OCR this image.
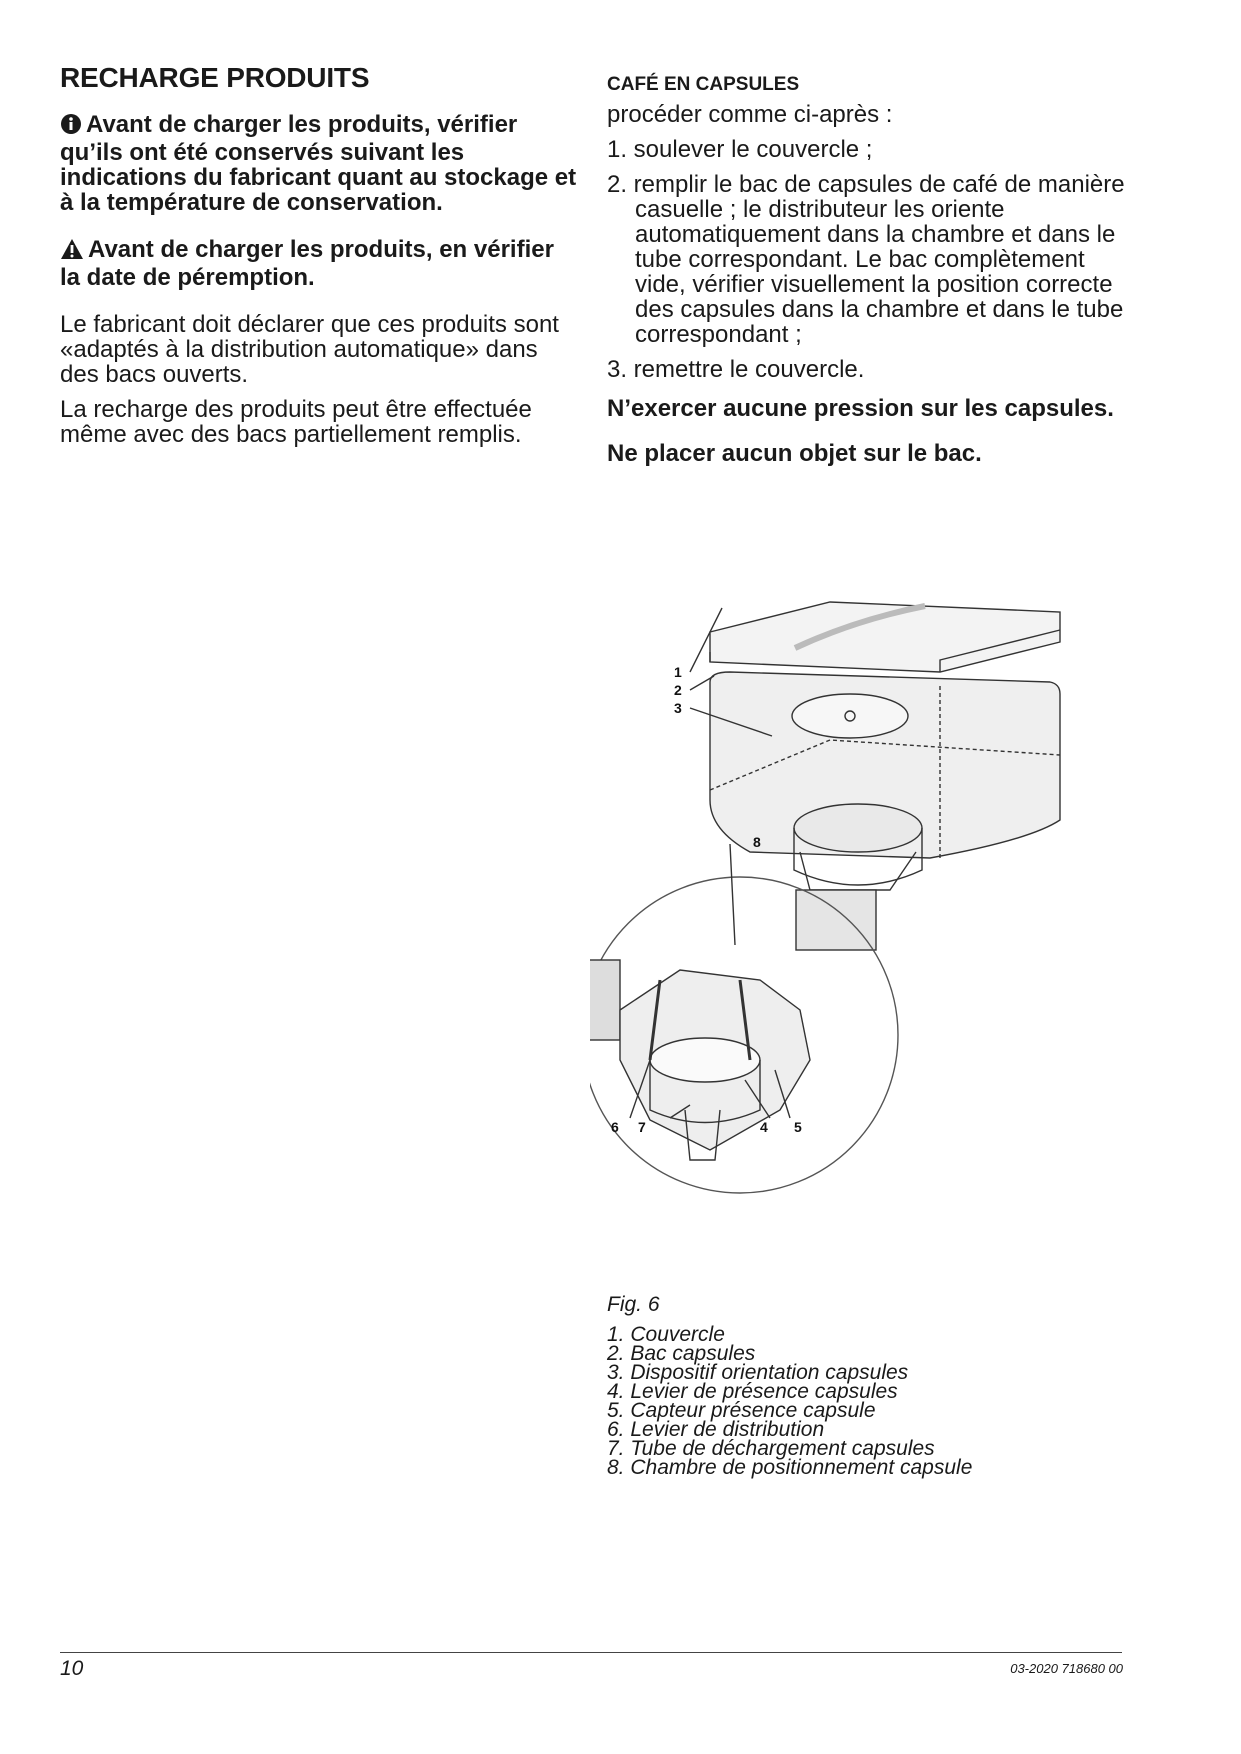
RECHARGE PRODUITS
Avant de charger les produits, vérifier qu’ils ont été conservés suivant les indications du fabricant quant au stockage et à la température de conservation.
Avant de charger les produits, en vérifier la date de péremption.

Le fabricant doit déclarer que ces produits sont «adaptés à la distribution automatique» dans des bacs ouverts.

La recharge des produits peut être effectuée même avec des bacs partiellement remplis.

CAFÉ EN CAPSULES

procéder comme ci-après :

1. soulever le couvercle ;
2. remplir le bac de capsules de café de manière casuelle ; le distributeur les oriente automatiquement dans la chambre et dans le tube correspondant. Le bac complètement vide, vérifier visuellement la position correcte des capsules dans la chambre et dans le tube correspondant ;
3. remettre le couvercle.
N’exercer aucune pression sur les capsules.
Ne placer aucun objet sur le bac.
1
2
3
8
6 7	4 5
Fig. 6
1. Couvercle
2. Bac capsules
3. Dispositif orientation capsules
4. Levier de présence capsules
5. Capteur présence capsule
6. Levier de distribution
7. Tube de déchargement capsules
8. Chambre de positionnement capsule
10	03-2020 718680 00
